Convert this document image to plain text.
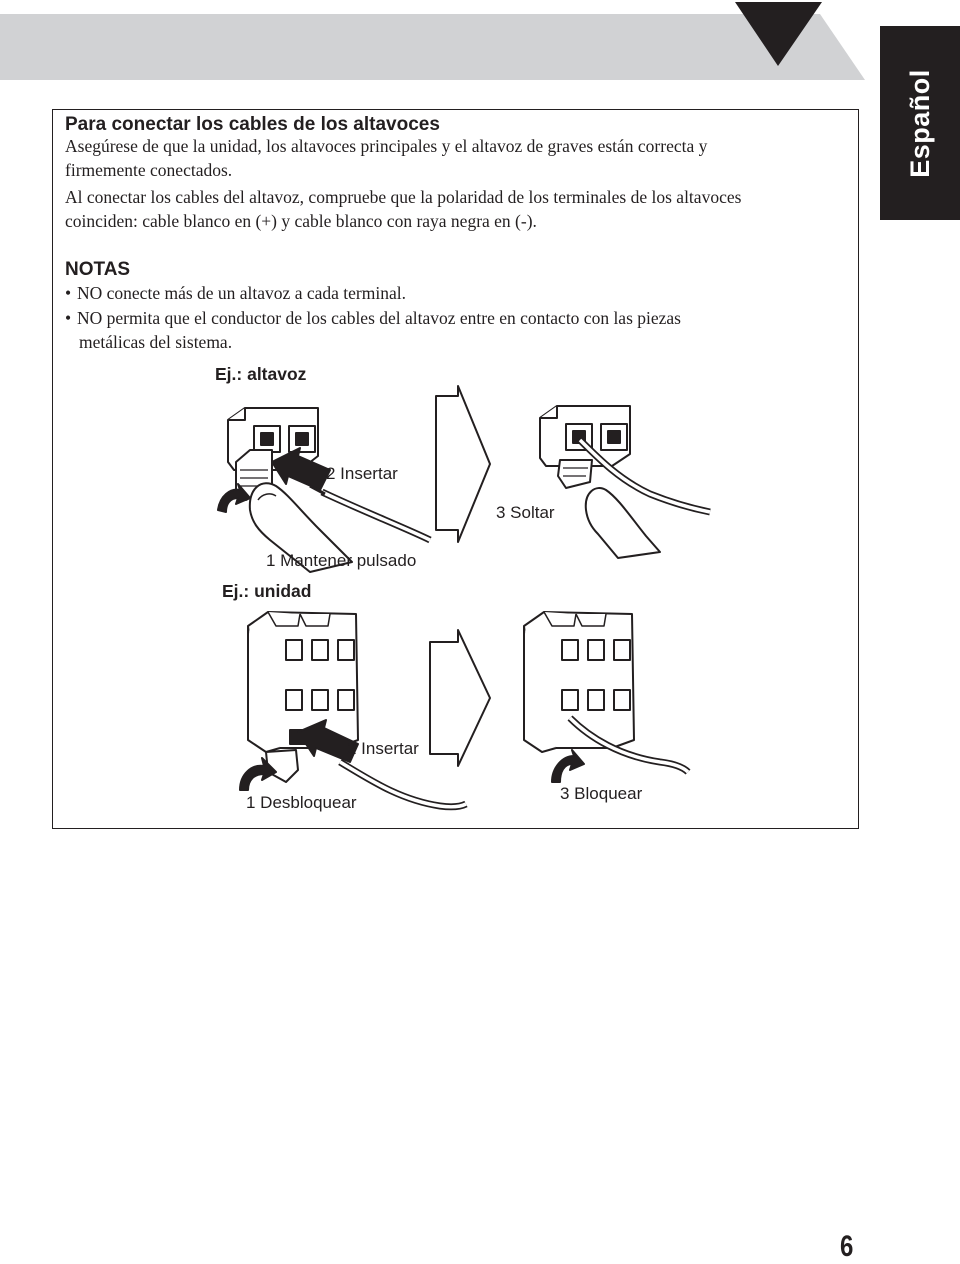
Español
Para conectar los cables de los altavoces

Asegúrese de que la unidad, los altavoces principales y el altavoz de graves están correcta y

firmemente conectados.

Al conectar los cables del altavoz, compruebe que la polaridad de los terminales de los altavoces

coinciden: cable blanco en (+) y cable blanco con raya negra en (-).

NOTAS
• NO conecte más de un altavoz a cada terminal.
• NO permita que el conductor de los cables del altavoz entre en contacto con las piezas
metálicas del sistema.
Ej.: altavoz
2 Insertar
3 Soltar
1 Mantener pulsado
Ej.: unidad
2 Insertar
3 Bloquear
1 Desbloquear
6
